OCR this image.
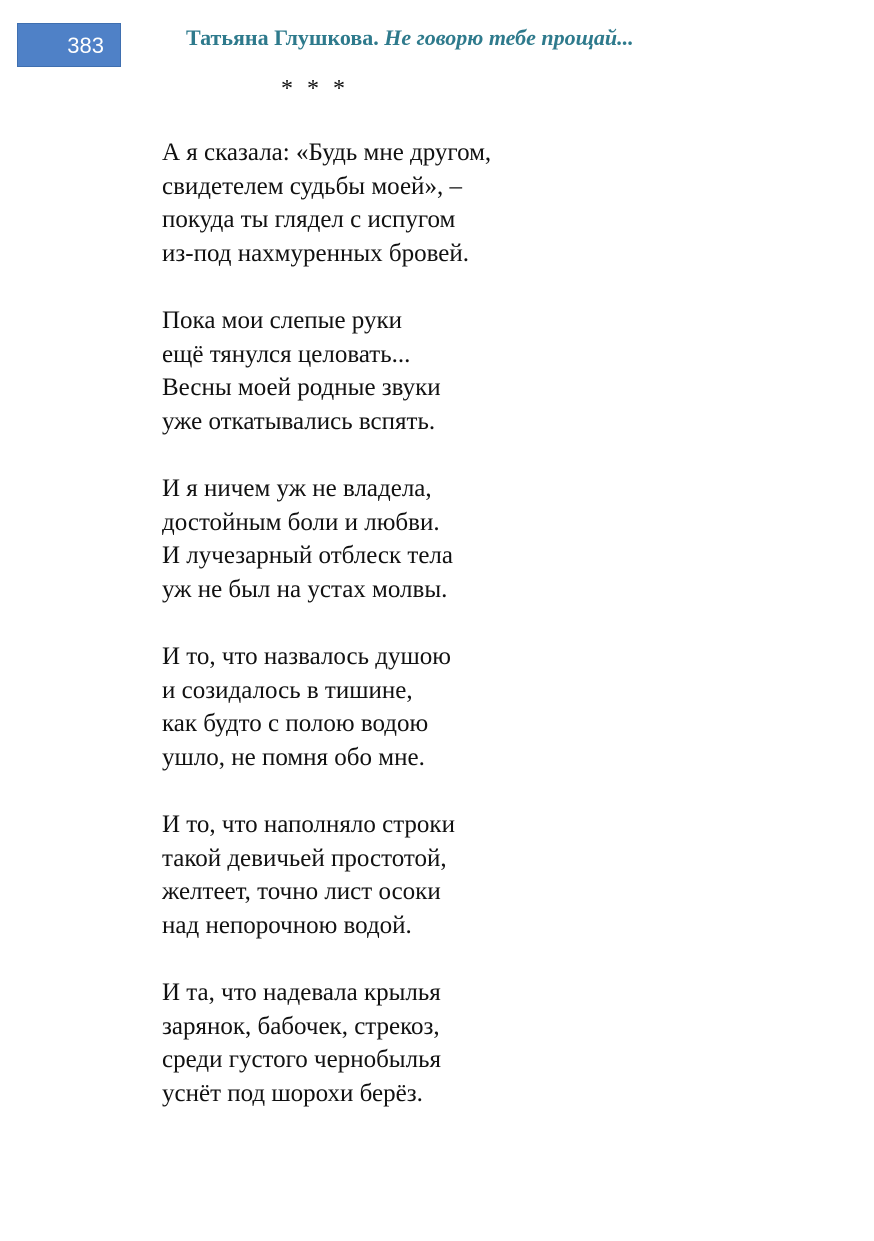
383	Татьяна Глушкова. Не говорю тебе прощай...
* * *
А я сказала: «Будь мне другом,
свидетелем судьбы моей», –
покуда ты глядел с испугом
из-под нахмуренных бровей.
Пока мои слепые руки
ещё тянулся целовать...
Весны моей родные звуки
уже откатывались вспять.
И я ничем уж не владела,
достойным боли и любви.
И лучезарный отблеск тела
уж не был на устах молвы.
И то, что назвалось душою
и созидалось в тишине,
как будто с полою водою
ушло, не помня обо мне.
И то, что наполняло строки
такой девичьей простотой,
желтеет, точно лист осоки
над непорочною водой.
И та, что надевала крылья
зарянок, бабочек, стрекоз,
среди густого чернобылья
уснёт под шорохи берёз.
